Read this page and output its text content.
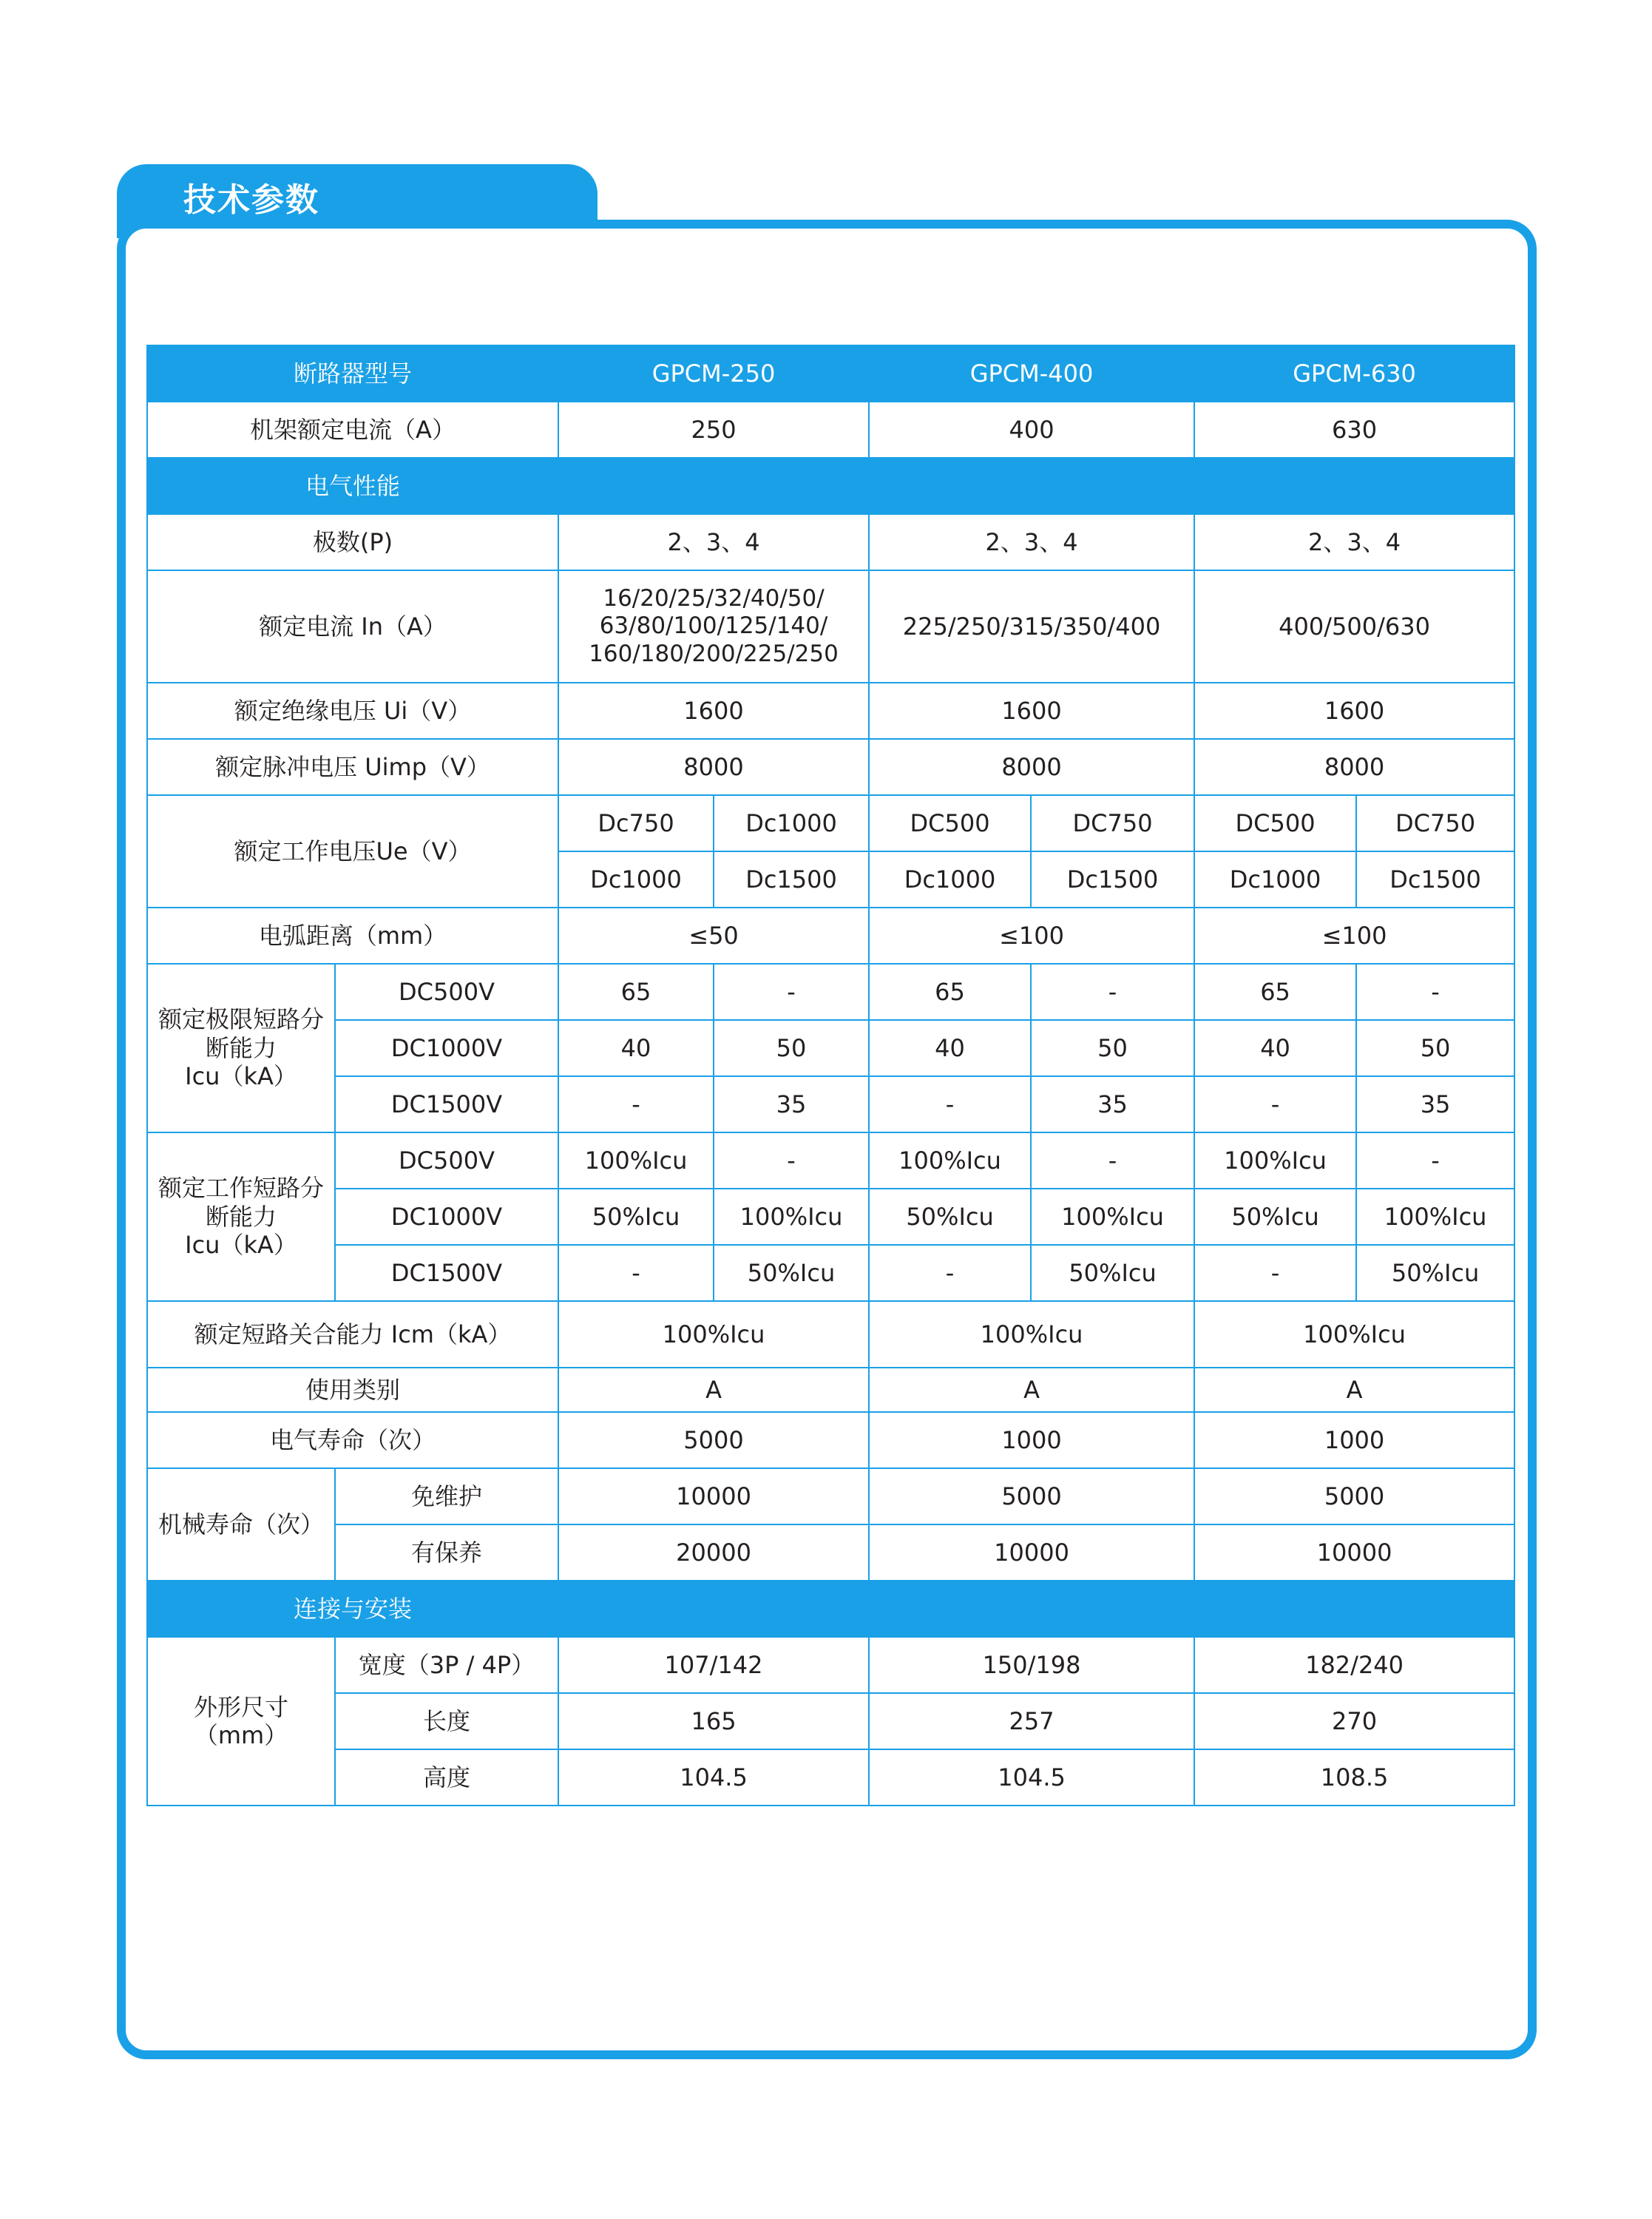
技术参数
断路器型号		GPCM-250		GPCM-400		GPCM-630	
机架额定电流（A）		250		400		630	
电气性能							
极数(P)		2、3、4		2、3、4		2、3、4	
额定电流 In（A）		16/20/25/32/40/50/
63/80/100/125/140/
160/180/200/225/250		225/250/315/350/400		400/500/630	
额定绝缘电压 Ui（V）		1600		1600		1600	
额定脉冲电压 Uimp（V）		8000		8000		8000	
额定工作电压Ue（V）		Dc750	Dc1000	DC500	DC750	DC500	DC750
		Dc1000	Dc1500	Dc1000	Dc1500	Dc1000	Dc1500
电弧距离（mm）		≤50		≤100		≤100	

额定极限短路分
断能力
Icu（kA）	DC500V	65	-	65	-	65	-
	DC1000V	40	50	40	50	40	50
	DC1500V	-	35	-	35	-	35

额定工作短路分
断能力
Icu（kA）	DC500V	100%Icu	-	100%Icu	-	100%Icu	-
	DC1000V	50%Icu	100%Icu	50%Icu	100%Icu	50%Icu	100%Icu
	DC1500V	-	50%Icu	-	50%Icu	-	50%Icu
额定短路关合能力 Icm（kA）		100%Icu		100%Icu		100%Icu	
使用类别		A		A		A	
电气寿命（次）		5000		1000		1000	
机械寿命（次）	免维护	10000		5000		5000	
	有保养	20000		10000		10000	
连接与安装							

外形尺寸
（mm）	宽度（3P / 4P）	107/142		150/198		182/240	
	长度	165		257		270	
	高度	104.5		104.5		108.5	
